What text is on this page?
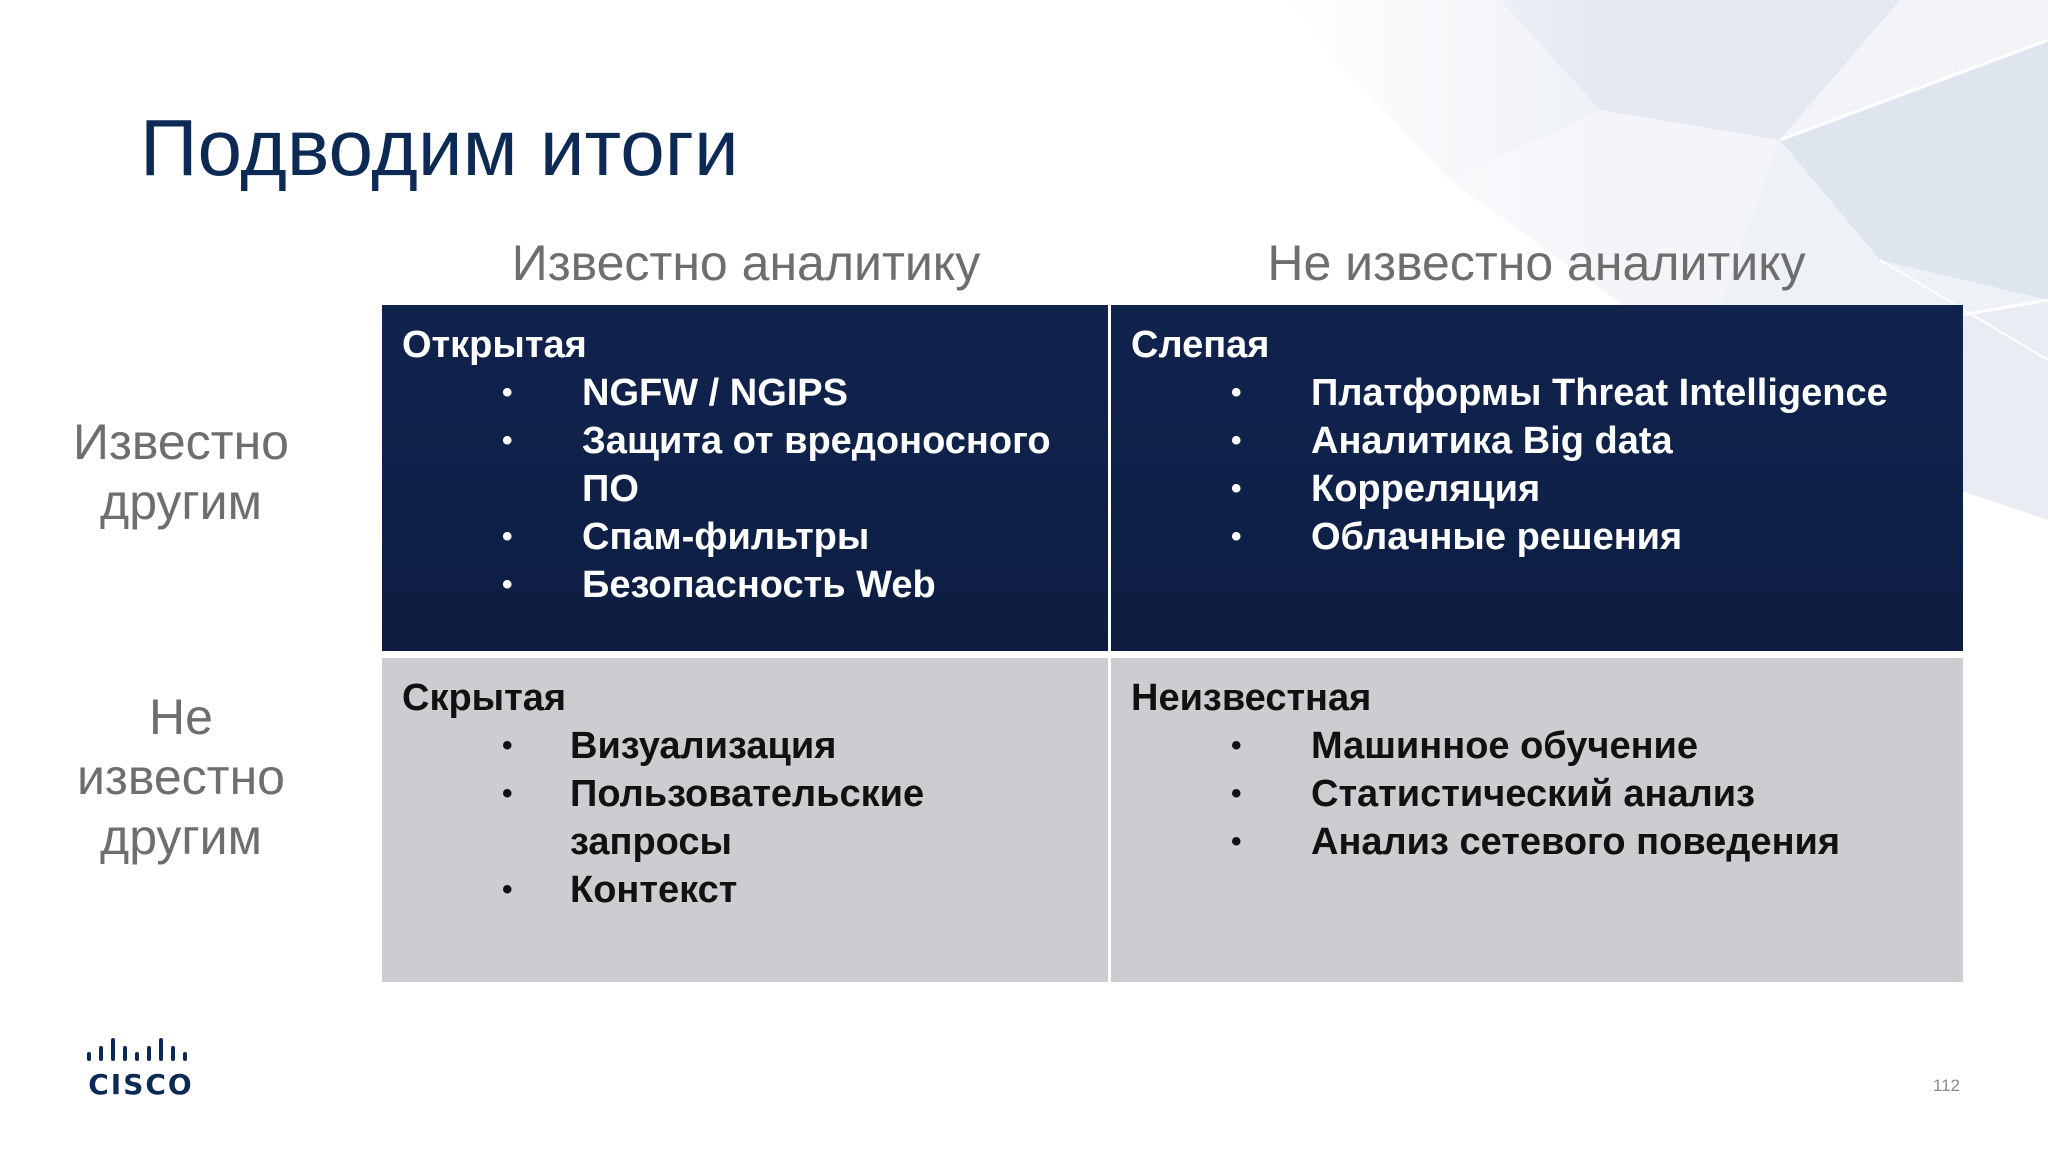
Подводим итоги
Известно аналитику	Не известно аналитику
Известно
другим
Не
известно
другим
Открытая
• NGFW / NGIPS
• Защита от вредоносного ПО
• Спам-фильтры
• Безопасность Web
Слепая
• Платформы Threat Intelligence
• Аналитика Big data
• Корреляция
• Облачные решения
Скрытая
• Визуализация
• Пользовательские запросы
• Контекст
Неизвестная
• Машинное обучение
• Статистический анализ
• Анализ сетевого поведения
CISCO	112
